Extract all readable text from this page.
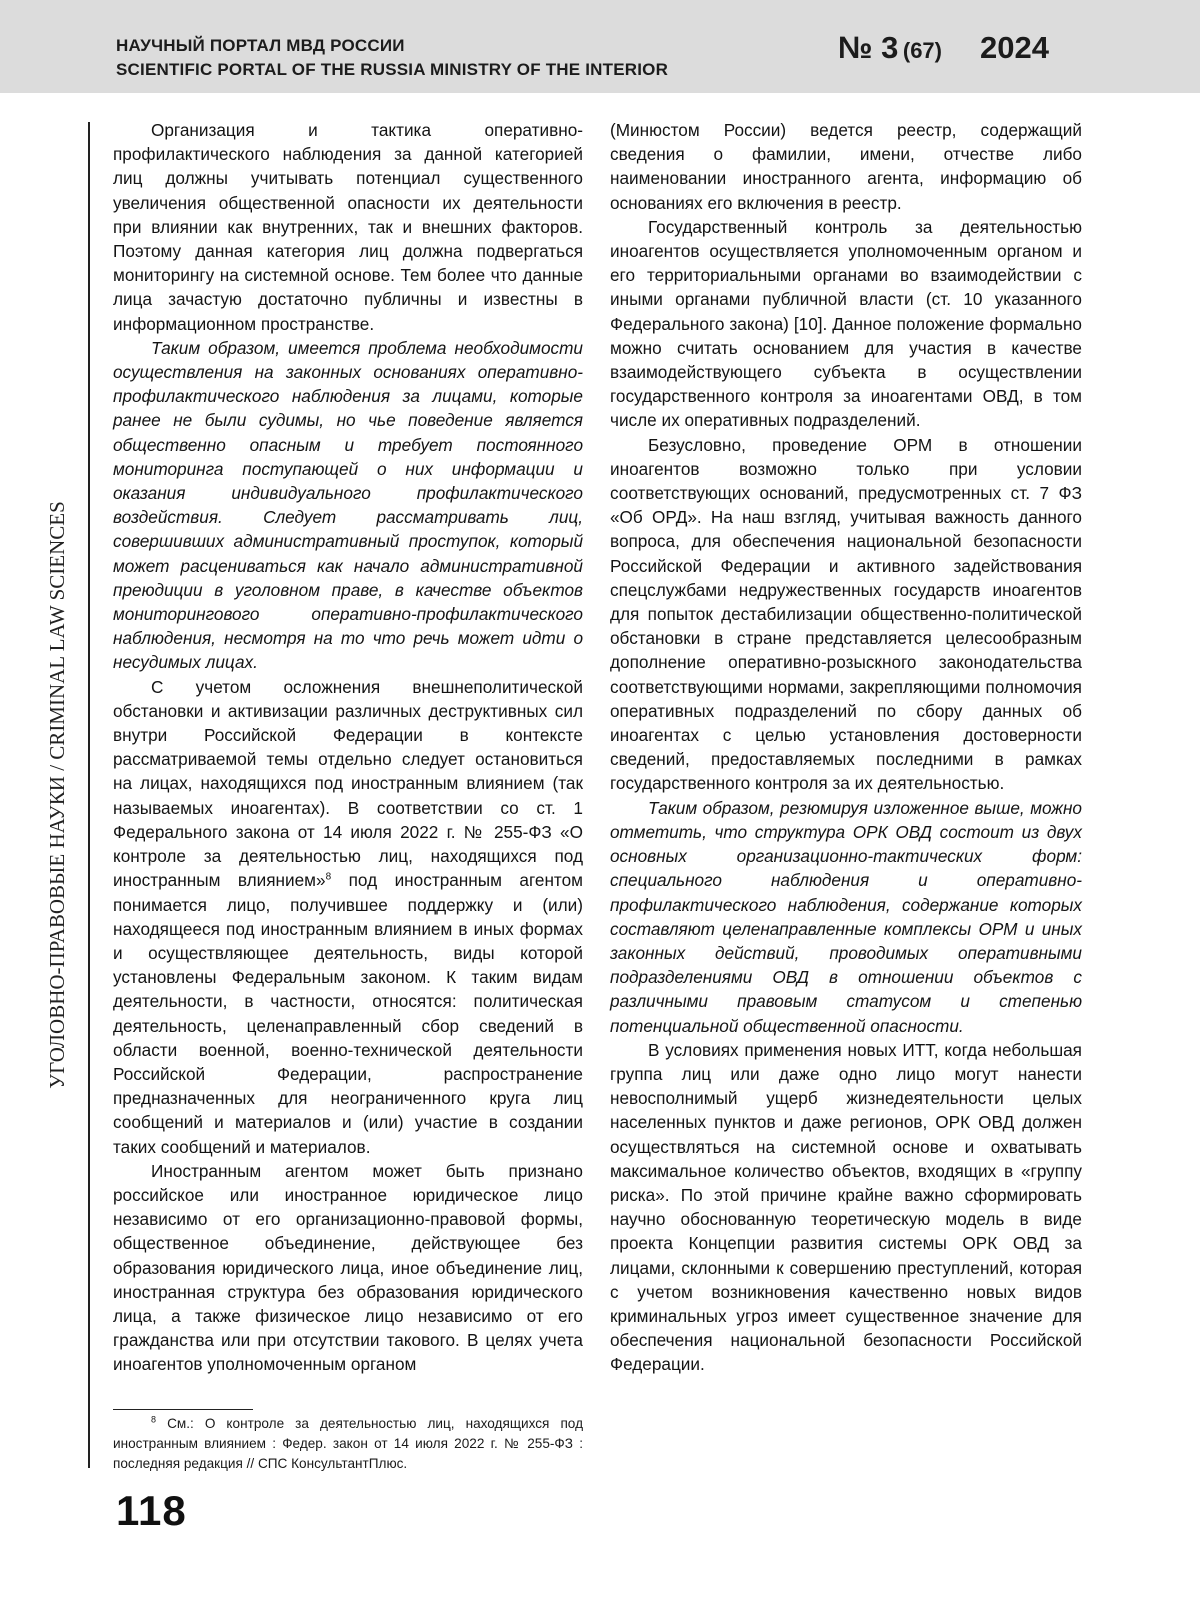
НАУЧНЫЙ ПОРТАЛ МВД РОССИИ
SCIENTIFIC PORTAL OF THE RUSSIA MINISTRY OF THE INTERIOR
№ 3 (67) 2024
УГОЛОВНО-ПРАВОВЫЕ НАУКИ / CRIMINAL LAW SCIENCES

Организация и тактика оперативно-профилактического наблюдения за данной категорией лиц должны учитывать потенциал существенного увеличения общественной опасности их деятельности при влиянии как внутренних, так и внешних факторов. Поэтому данная категория лиц должна подвергаться мониторингу на системной основе. Тем более что данные лица зачастую достаточно публичны и известны в информационном пространстве.

Таким образом, имеется проблема необходимости осуществления на законных основаниях оперативно-профилактического наблюдения за лицами, которые ранее не были судимы, но чье поведение является общественно опасным и требует постоянного мониторинга поступающей о них информации и оказания индивидуального профилактического воздействия. Следует рассматривать лиц, совершивших административный проступок, который может расцениваться как начало административной преюдиции в уголовном праве, в качестве объектов мониторингового оперативно-профилактического наблюдения, несмотря на то что речь может идти о несудимых лицах.

С учетом осложнения внешнеполитической обстановки и активизации различных деструктивных сил внутри Российской Федерации в контексте рассматриваемой темы отдельно следует остановиться на лицах, находящихся под иностранным влиянием (так называемых иноагентах). В соответствии со ст. 1 Федерального закона от 14 июля 2022 г. № 255-ФЗ «О контроле за деятельностью лиц, находящихся под иностранным влиянием»$^8$ под иностранным агентом понимается лицо, получившее поддержку и (или) находящееся под иностранным влиянием в иных формах и осуществляющее деятельность, виды которой установлены Федеральным законом. К таким видам деятельности, в частности, относятся: политическая деятельность, целенаправленный сбор сведений в области военной, военно-технической деятельности Российской Федерации, распространение предназначенных для неограниченного круга лиц сообщений и материалов и (или) участие в создании таких сообщений и материалов.

Иностранным агентом может быть признано российское или иностранное юридическое лицо независимо от его организационно-правовой формы, общественное объединение, действующее без образования юридического лица, иное объединение лиц, иностранная структура без образования юридического лица, а также физическое лицо независимо от его гражданства или при отсутствии такового. В целях учета иноагентов уполномоченным органом

(Минюстом России) ведется реестр, содержащий сведения о фамилии, имени, отчестве либо наименовании иностранного агента, информацию об основаниях его включения в реестр.

Государственный контроль за деятельностью иноагентов осуществляется уполномоченным органом и его территориальными органами во взаимодействии с иными органами публичной власти (ст. 10 указанного Федерального закона) [10]. Данное положение формально можно считать основанием для участия в качестве взаимодействующего субъекта в осуществлении государственного контроля за иноагентами ОВД, в том числе их оперативных подразделений.

Безусловно, проведение ОРМ в отношении иноагентов возможно только при условии соответствующих оснований, предусмотренных ст. 7 ФЗ «Об ОРД». На наш взгляд, учитывая важность данного вопроса, для обеспечения национальной безопасности Российской Федерации и активного задействования спецслужбами недружественных государств иноагентов для попыток дестабилизации общественно-политической обстановки в стране представляется целесообразным дополнение оперативно-розыскного законодательства соответствующими нормами, закрепляющими полномочия оперативных подразделений по сбору данных об иноагентах с целью установления достоверности сведений, предоставляемых последними в рамках государственного контроля за их деятельностью.

Таким образом, резюмируя изложенное выше, можно отметить, что структура ОРК ОВД состоит из двух основных организационно-тактических форм: специального наблюдения и оперативно-профилактического наблюдения, содержание которых составляют целенаправленные комплексы ОРМ и иных законных действий, проводимых оперативными подразделениями ОВД в отношении объектов с различными правовым статусом и степенью потенциальной общественной опасности.

В условиях применения новых ИТТ, когда небольшая группа лиц или даже одно лицо могут нанести невосполнимый ущерб жизнедеятельности целых населенных пунктов и даже регионов, ОРК ОВД должен осуществляться на системной основе и охватывать максимальное количество объектов, входящих в «группу риска». По этой причине крайне важно сформировать научно обоснованную теоретическую модель в виде проекта Концепции развития системы ОРК ОВД за лицами, склонными к совершению преступлений, которая с учетом возникновения качественно новых видов криминальных угроз имеет существенное значение для обеспечения национальной безопасности Российской Федерации.

$^8$ См.: О контроле за деятельностью лиц, находящихся под иностранным влиянием : Федер. закон от 14 июля 2022 г. № 255-ФЗ : последняя редакция // СПС КонсультантПлюс.
118
